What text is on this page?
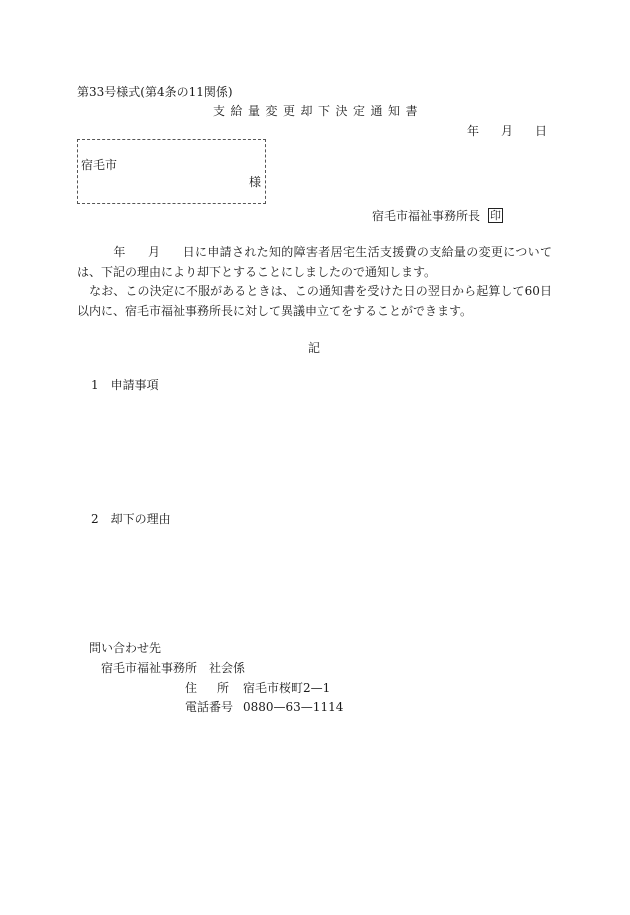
第33号様式(第4条の11関係)
支給量変更却下決定通知書
年 月 日
宿毛市
様
宿毛市福祉事務所長 印
年 月 日に申請された知的障害者居宅生活支援費の支給量の変更については、下記の理由により却下とすることにしましたので通知します。
なお、この決定に不服があるときは、この通知書を受けた日の翌日から起算して60日以内に、宿毛市福祉事務所長に対して異議申立てをすることができます。
記
1 申請事項
2 却下の理由
問い合わせ先
宿毛市福祉事務所 社会係
住所宿毛市桜町2—1
電話番号 0880—63—1114
